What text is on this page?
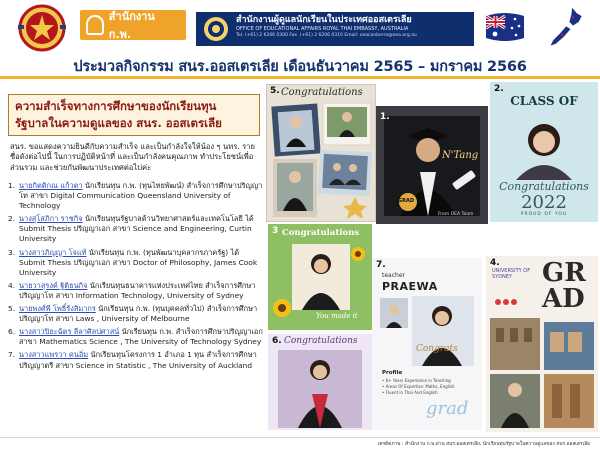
สำนักงาน ก.พ.
สำนักงานผู้ดูแลนักเรียนในประเทศออสเตรเลีย
OFFICE OF EDUCATIONAL AFFAIRS ROYAL THAI EMBASSY, AUSTRALIA
Tel. (+61) 2 6206 0300 Fax. (+61) 2 6206 0310 Email: oeacanberra@oea.org.au
ประมวลกิจกรรม สนร.ออสเตรเลีย เดือนธันวาคม 2565 – มกราคม 2566
ความสำเร็จทางการศึกษาของนักเรียนทุน
รัฐบาลในความดูแลของ สนร. ออสเตรเลีย
สนร. ขอแสดงความยินดีกับความสำเร็จ และเป็นกำลังใจให้น้อง ๆ นทร. รายชื่อดังต่อไปนี้ ในการปฏิบัติหน้าที่ และเป็นกำลังคนคุณภาพ ทำประโยชน์เพื่อส่วนรวม และช่วยกันพัฒนาประเทศต่อไปค่ะ
1. นายกิตติกณ แก้วตา นักเรียนทุน ก.พ. (ทุนไทยพัฒน์) สำเร็จการศึกษาปริญญาโท สาขา Digital Communication Queensland University of Technology
2. นางสุโสภิกา ราชกิจ นักเรียนทุนรัฐบาลด้านวิทยาศาสตร์และเทคโนโลยี ได้ Submit Thesis ปริญญาเอก สาขา Science and Engineering, Curtin University
3. นางสาวภิญญา โจแท้ นักเรียนทุน ก.พ. (ทุนพัฒนาบุคลากรภาครัฐ) ได้ Submit Thesis ปริญญาเอก สาขา Doctor of Philosophy, James Cook University
4. นายวาสุรงค์ ฐิติธนกิจ นักเรียนทุนธนาคารแห่งประเทศไทย สำเร็จการศึกษาปริญญาโท สาขา Information Technology, University of Sydney
5. นายพงศ์พี โพธิ์รังสิมากร นักเรียนทุน ก.พ. (ทุนบุคคลทั่วไป) สำเร็จการศึกษาปริญญาโท สาขา Laws , University of Melbourne
6. นางสาวปิยะฉัตร ลีลาศิลปศาสน์ นักเรียนทุน ก.พ. สำเร็จการศึกษาปริญญาเอก สาขา Mathematics Science , The University of Technology Sydney
7. นางสาวแพรวา คนอิ่ม นักเรียนทุนโครงการ 1 อำเภอ 1 ทุน สำเร็จการศึกษาปริญญาตรี สาขา Science in Statistic , The University of Auckland
5. Congratulations
1.
N'Tang
GRAD
From OEA Team
2.
CLASS OF
Congratulations
2022
PROUD OF YOU
3 Congratulations
You made it
6. Congratulations
7.
teacher
PRAEWA
Congrats
Profile
• 6+ Years Experience in Teaching
• Areas Of Expertise: Maths, English
• Fluent in Thai And English
grad
4.
UNIVERSITY OF SYDNEY	GR
AD
เครดิตภาพ : สำนักงาน ก.พ.ผ่าน สนร.ออสเตรเลีย, นักเรียนทุนรัฐบาลในความดูแลของ สนร.ออสเตรเลีย
